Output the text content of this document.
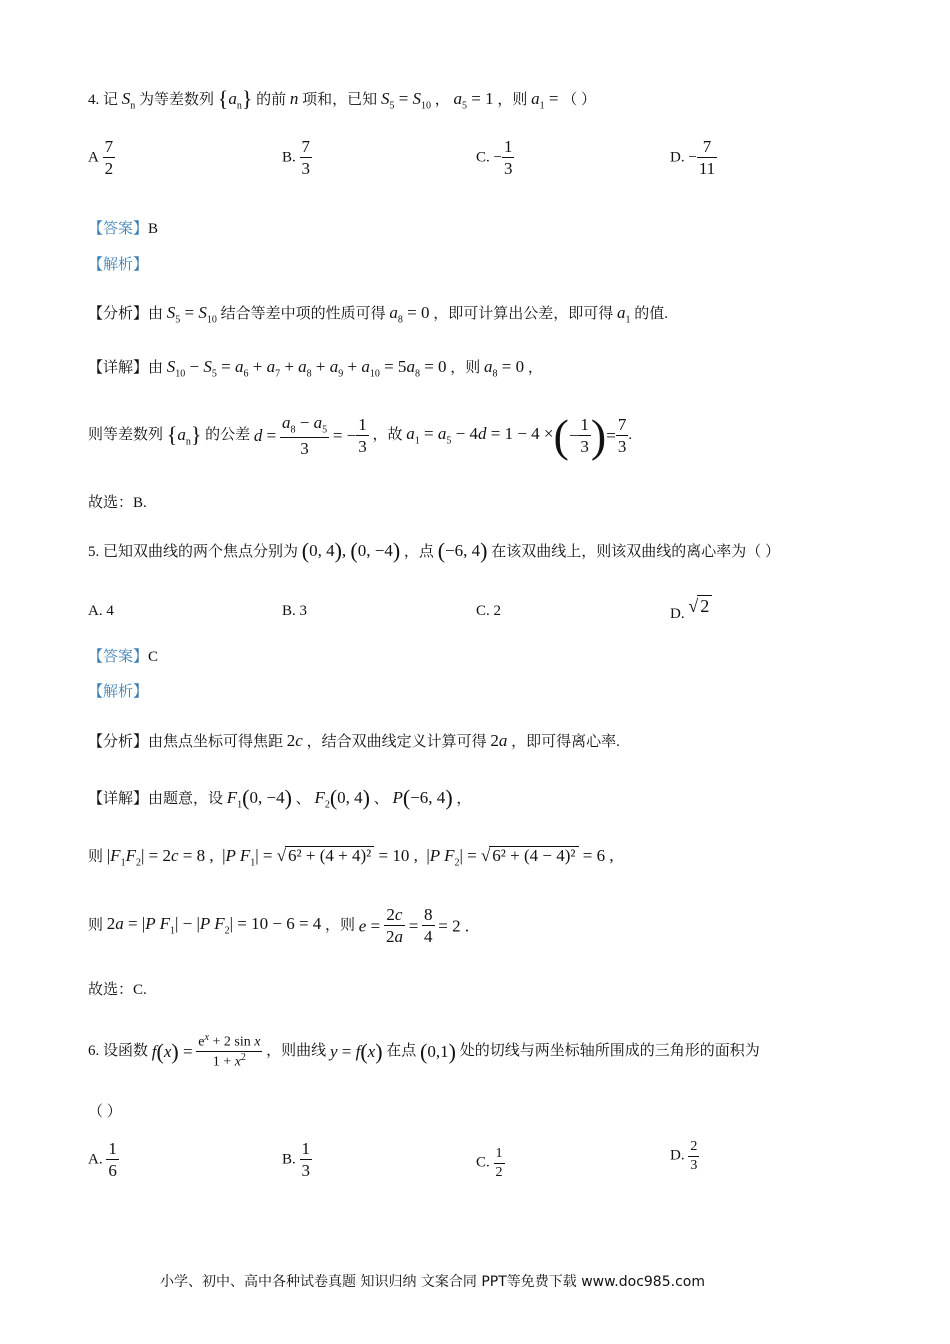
4. 记 $S_n$ 为等差数列 $\{a_n\}$ 的前 n 项和，已知 $S_5 = S_{10}$ ， $a_5 = 1$ ，则 $a_1$ = （ ）
A $\frac{7}{2}$	B. $\frac{7}{3}$	C. − $\frac{1}{3}$	D. − $\frac{7}{11}$
【答案】B
【解析】
【分析】由 $S_5 = S_{10}$ 结合等差中项的性质可得 $a_8 = 0$ ，即可计算出公差，即可得 $a_1$ 的值.
【详解】由 $S_{10} - S_5 = a_6 + a_7 + a_8 + a_9 + a_{10} = 5a_8 = 0$ ，则 $a_8 = 0$ ，
则等差数列 $\{a_n\}$ 的公差 $d = \frac{a_8 - a_5}{3}$ = − $\frac{1}{3}$ ，故 $a_1 = a_5 - 4d = 1 - 4$ ×(− $\frac{1}{3}$ )= $\frac{7}{3}$ .
故选：B.
5. 已知双曲线的两个焦点分别为 (0, 4), (0, −4) ，点 (−6, 4) 在该双曲线上，则该双曲线的离心率为（ ）
A. 4	B. 3	C. 2	D. √ 2
【答案】C
【解析】
【分析】由焦点坐标可得焦距 2c ，结合双曲线定义计算可得 2a ，即可得离心率.
【详解】由题意，设 $F_1(0$, −4) 、 $F_2(0$, 4) 、 P(−6, 4) ，
则 $|F_1F_2| = 2c = 8$ ,  |P $F_1|$ = √ 6² + (4 + 4)² = 10 ,  |P $F_2|$ = √ 6² + (4 − 4)² = 6 ,
则 2a = |P $F_1| - |P$ $F_2| = 10 - 6 = 4$ ，则 $e = \frac{2c}{2a} = \frac{8}{4} = 2$ .
故选：C.
6. 设函数 $f(x) = \frac{e^x + 2 \sin x}{1 + x^2}$ ，则曲线 y = f(x) 在点 (0,1) 处的切线与两坐标轴所围成的三角形的面积为
（ ）
A. $\frac{1}{6}$	B. $\frac{1}{3}$	C. $\frac{1}{2}$	D. $\frac{2}{3}$
小学、初中、高中各种试卷真题 知识归纳 文案合同 PPT等免费下载 www.doc985.com
